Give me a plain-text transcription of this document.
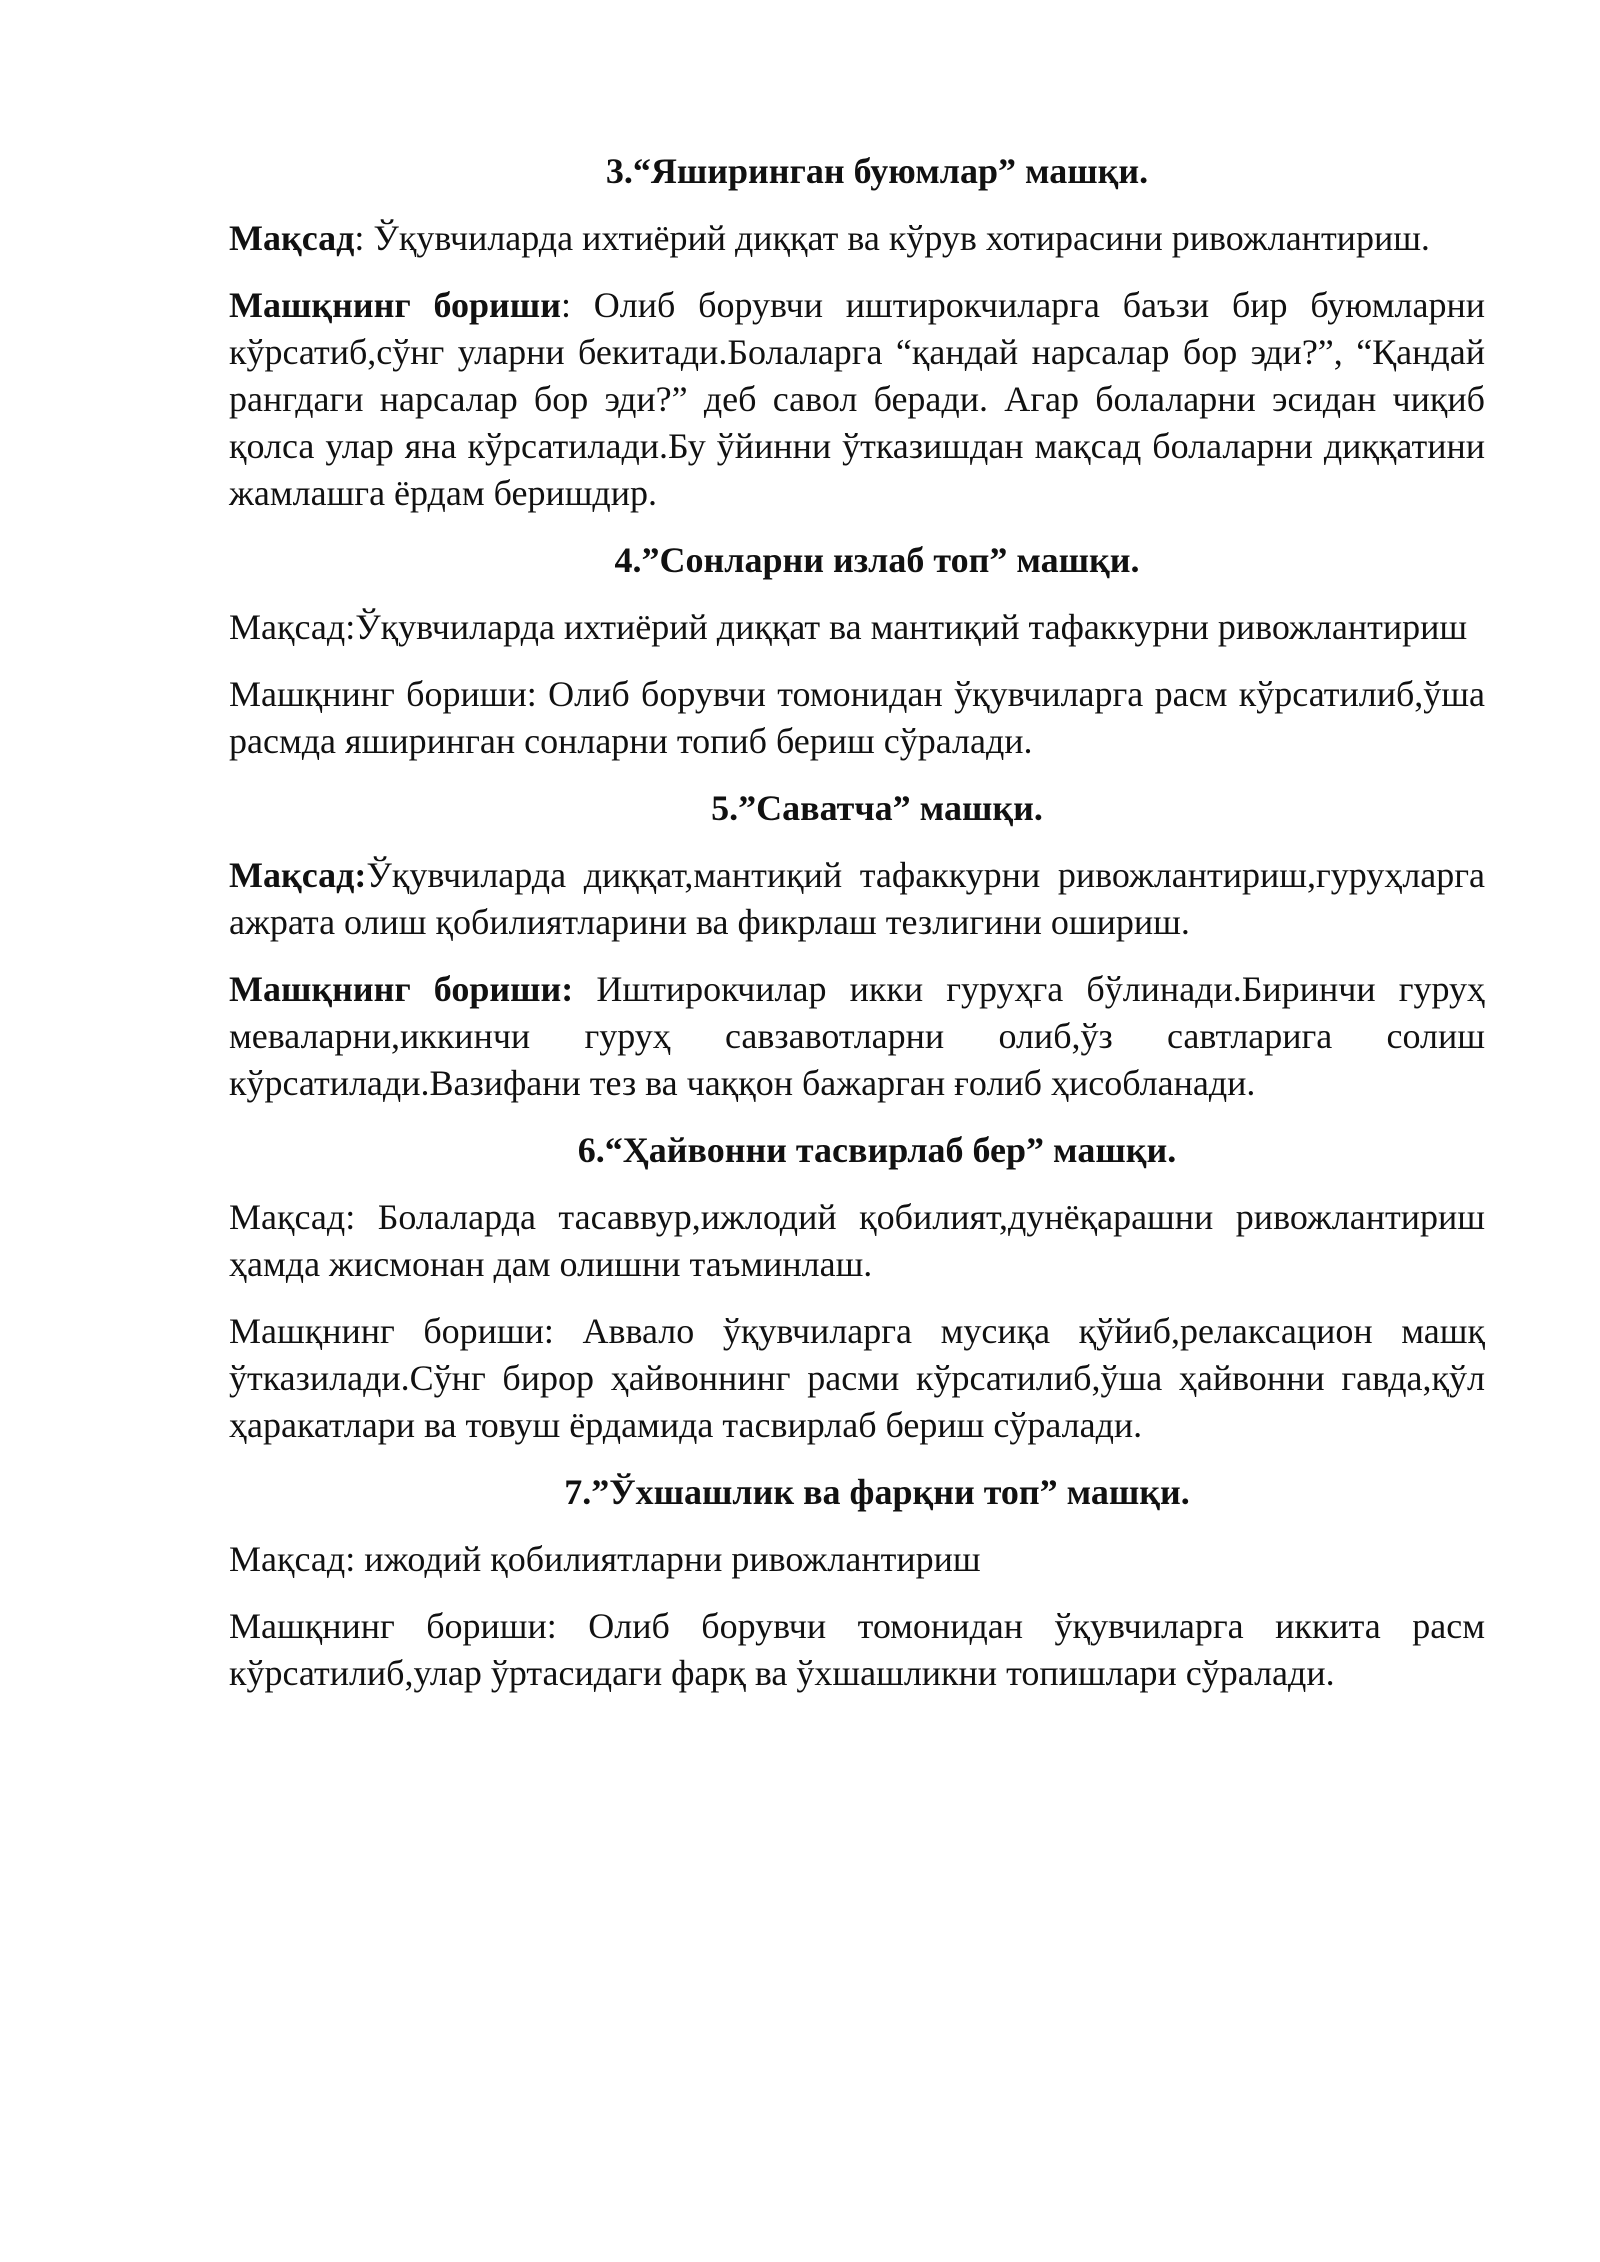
3.“Яширинган буюмлар” машқи.
Мақсад: Ўқувчиларда ихтиёрий диққат ва кўрув хотирасини ривожлантириш.
Машқнинг бориши: Олиб борувчи иштирокчиларга баъзи бир буюмларни кўрсатиб,сўнг уларни бекитади.Болаларга “қандай нарсалар бор эди?”, “Қандай рангдаги нарсалар бор эди?” деб савол беради. Агар болаларни эсидан чиқиб қолса улар яна кўрсатилади.Бу ўйинни ўтказишдан мақсад болаларни диққатини жамлашга ёрдам беришдир.
4.”Сонларни излаб топ” машқи.
Мақсад:Ўқувчиларда ихтиёрий диққат ва мантиқий тафаккурни ривожлантириш
Машқнинг бориши: Олиб борувчи томонидан ўқувчиларга расм кўрсатилиб,ўша расмда яширинган сонларни топиб бериш сўралади.
5.”Саватча” машқи.
Мақсад:Ўқувчиларда диққат,мантиқий тафаккурни ривожлантириш,гуруҳларга ажрата олиш қобилиятларини ва фикрлаш тезлигини ошириш.
Машқнинг бориши: Иштирокчилар икки гуруҳга бўлинади.Биринчи гуруҳ меваларни,иккинчи гуруҳ савзавотларни олиб,ўз савтларига солиш кўрсатилади.Вазифани тез ва чаққон бажарган ғолиб ҳисобланади.
6.“Ҳайвонни тасвирлаб бер” машқи.
Мақсад: Болаларда тасаввур,ижлодий қобилият,дунёқарашни ривожлантириш ҳамда жисмонан дам олишни таъминлаш.
Машқнинг бориши: Аввало ўқувчиларга мусиқа қўйиб,релаксацион машқ ўтказилади.Сўнг бирор ҳайвоннинг расми кўрсатилиб,ўша ҳайвонни гавда,қўл ҳаракатлари ва товуш ёрдамида тасвирлаб бериш сўралади.
7.”Ўхшашлик ва фарқни топ” машқи.
Мақсад: ижодий қобилиятларни ривожлантириш
Машқнинг бориши: Олиб борувчи томонидан ўқувчиларга иккита расм кўрсатилиб,улар ўртасидаги фарқ ва ўхшашликни топишлари сўралади.
